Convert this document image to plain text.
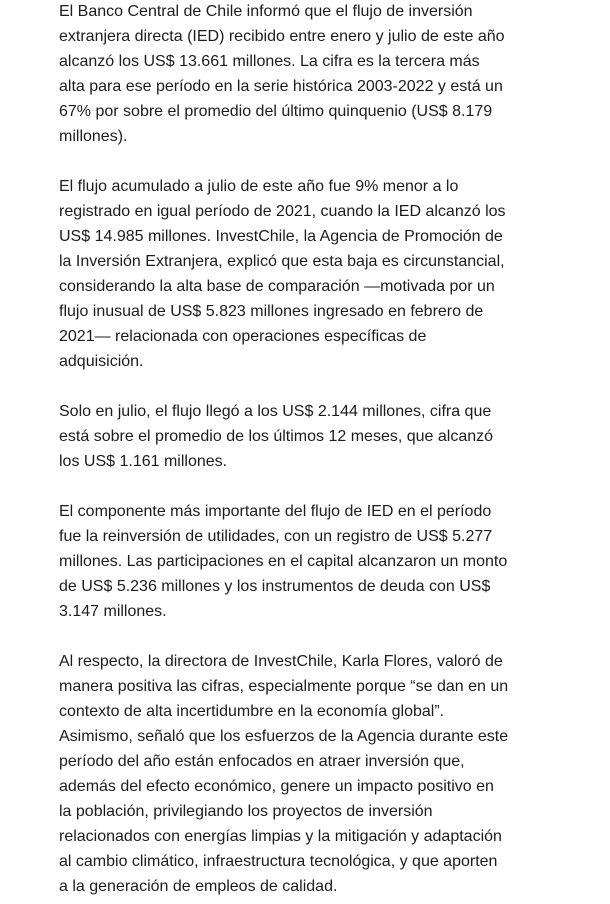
El Banco Central de Chile informó que el flujo de inversión
extranjera directa (IED) recibido entre enero y julio de este año
alcanzó los US$ 13.661 millones. La cifra es la tercera más
alta para ese período en la serie histórica 2003-2022 y está un
67% por sobre el promedio del último quinquenio (US$ 8.179
millones).

El flujo acumulado a julio de este año fue 9% menor a lo
registrado en igual período de 2021, cuando la IED alcanzó los
US$ 14.985 millones. InvestChile, la Agencia de Promoción de
la Inversión Extranjera, explicó que esta baja es circunstancial,
considerando la alta base de comparación —motivada por un
flujo inusual de US$ 5.823 millones ingresado en febrero de
2021— relacionada con operaciones específicas de
adquisición.

Solo en julio, el flujo llegó a los US$ 2.144 millones, cifra que
está sobre el promedio de los últimos 12 meses, que alcanzó
los US$ 1.161 millones.

El componente más importante del flujo de IED en el período
fue la reinversión de utilidades, con un registro de US$ 5.277
millones. Las participaciones en el capital alcanzaron un monto
de US$ 5.236 millones y los instrumentos de deuda con US$
3.147 millones.

Al respecto, la directora de InvestChile, Karla Flores, valoró de
manera positiva las cifras, especialmente porque “se dan en un
contexto de alta incertidumbre en la economía global”.
Asimismo, señaló que los esfuerzos de la Agencia durante este
período del año están enfocados en atraer inversión que,
además del efecto económico, genere un impacto positivo en
la población, privilegiando los proyectos de inversión
relacionados con energías limpias y la mitigación y adaptación
al cambio climático, infraestructura tecnológica, y que aporten
a la generación de empleos de calidad.
